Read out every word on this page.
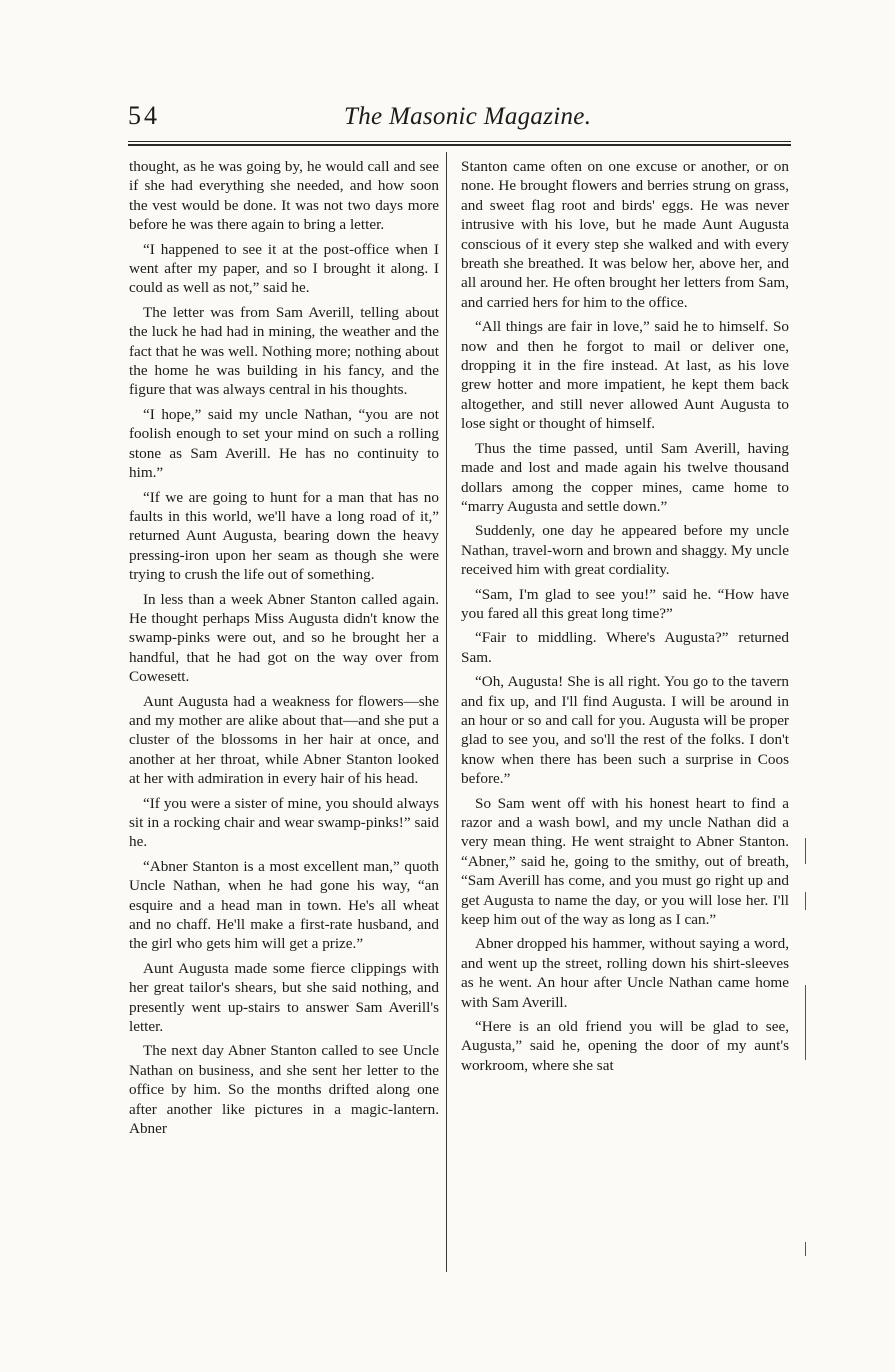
54	The Masonic Magazine.

thought, as he was going by, he would call and see if she had everything she needed, and how soon the vest would be done. It was not two days more before he was there again to bring a letter.

“I happened to see it at the post-office when I went after my paper, and so I brought it along. I could as well as not,” said he.

The letter was from Sam Averill, telling about the luck he had had in mining, the weather and the fact that he was well. Nothing more; nothing about the home he was building in his fancy, and the figure that was always central in his thoughts.

“I hope,” said my uncle Nathan, “you are not foolish enough to set your mind on such a rolling stone as Sam Averill. He has no continuity to him.”

“If we are going to hunt for a man that has no faults in this world, we'll have a long road of it,” returned Aunt Augusta, bearing down the heavy pressing-iron upon her seam as though she were trying to crush the life out of something.

In less than a week Abner Stanton called again. He thought perhaps Miss Augusta didn't know the swamp-pinks were out, and so he brought her a handful, that he had got on the way over from Cowesett.

Aunt Augusta had a weakness for flowers—she and my mother are alike about that—and she put a cluster of the blossoms in her hair at once, and another at her throat, while Abner Stanton looked at her with admiration in every hair of his head.

“If you were a sister of mine, you should always sit in a rocking chair and wear swamp-pinks!” said he.

“Abner Stanton is a most excellent man,” quoth Uncle Nathan, when he had gone his way, “an esquire and a head man in town. He's all wheat and no chaff. He'll make a first-rate husband, and the girl who gets him will get a prize.”

Aunt Augusta made some fierce clippings with her great tailor's shears, but she said nothing, and presently went up-stairs to answer Sam Averill's letter.

The next day Abner Stanton called to see Uncle Nathan on business, and she sent her letter to the office by him. So the months drifted along one after another like pictures in a magic-lantern. Abner

Stanton came often on one excuse or another, or on none. He brought flowers and berries strung on grass, and sweet flag root and birds' eggs. He was never intrusive with his love, but he made Aunt Augusta conscious of it every step she walked and with every breath she breathed. It was below her, above her, and all around her. He often brought her letters from Sam, and carried hers for him to the office.

“All things are fair in love,” said he to himself. So now and then he forgot to mail or deliver one, dropping it in the fire instead. At last, as his love grew hotter and more impatient, he kept them back altogether, and still never allowed Aunt Augusta to lose sight or thought of himself.

Thus the time passed, until Sam Averill, having made and lost and made again his twelve thousand dollars among the copper mines, came home to “marry Augusta and settle down.”

Suddenly, one day he appeared before my uncle Nathan, travel-worn and brown and shaggy. My uncle received him with great cordiality.

“Sam, I'm glad to see you!” said he. “How have you fared all this great long time?”

“Fair to middling. Where's Augusta?” returned Sam.

“Oh, Augusta! She is all right. You go to the tavern and fix up, and I'll find Augusta. I will be around in an hour or so and call for you. Augusta will be proper glad to see you, and so'll the rest of the folks. I don't know when there has been such a surprise in Coos before.”

So Sam went off with his honest heart to find a razor and a wash bowl, and my uncle Nathan did a very mean thing. He went straight to Abner Stanton. “Abner,” said he, going to the smithy, out of breath, “Sam Averill has come, and you must go right up and get Augusta to name the day, or you will lose her. I'll keep him out of the way as long as I can.”

Abner dropped his hammer, without saying a word, and went up the street, rolling down his shirt-sleeves as he went. An hour after Uncle Nathan came home with Sam Averill.

“Here is an old friend you will be glad to see, Augusta,” said he, opening the door of my aunt's workroom, where she sat
